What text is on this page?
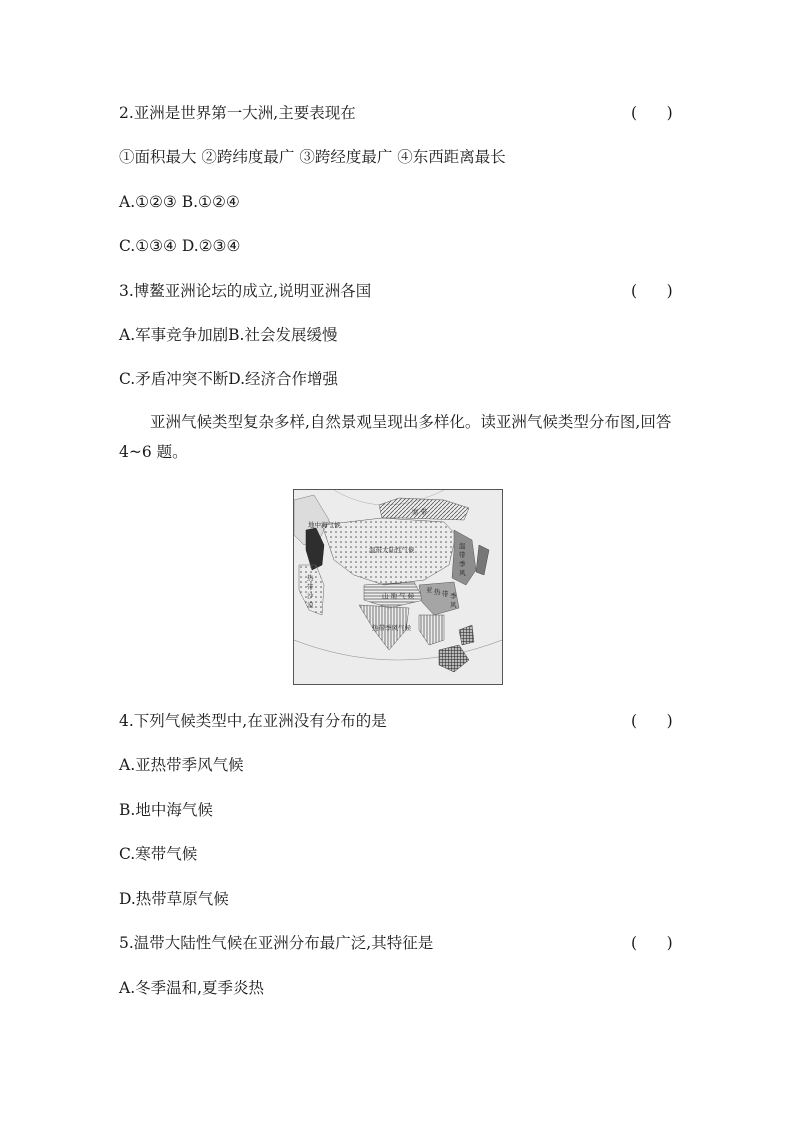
2.亚洲是世界第一大洲,主要表现在	(      )
①面积最大 ②跨纬度最广 ③跨经度最广 ④东西距离最长
A.①②③ B.①②④
C.①③④ D.②③④
3.博鳌亚洲论坛的成立,说明亚洲各国	(      )
A.军事竞争加剧B.社会发展缓慢
C.矛盾冲突不断D.经济合作增强
亚洲气候类型复杂多样,自然景观呈现出多样化。读亚洲气候类型分布图,回答 4~6 题。
地中海气候
温带大陆性气候
山 地 气 候
热带季风气候
寒 带
温
带
季
风
亚 热 带 季
风
热
带
沙
漠
4.下列气候类型中,在亚洲没有分布的是	(      )
A.亚热带季风气候
B.地中海气候
C.寒带气候
D.热带草原气候
5.温带大陆性气候在亚洲分布最广泛,其特征是	(      )
A.冬季温和,夏季炎热
